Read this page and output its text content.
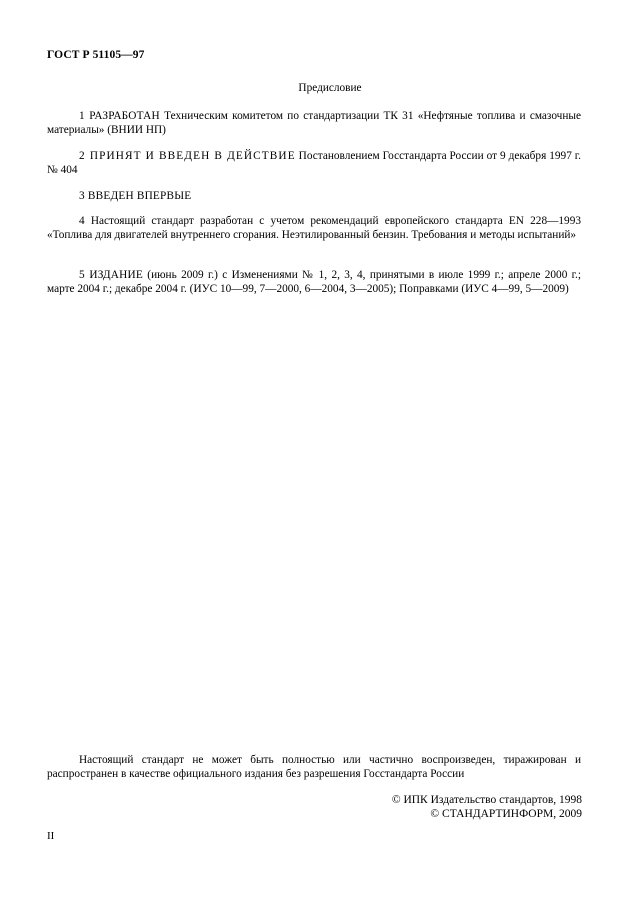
ГОСТ Р 51105—97
Предисловие

1 РАЗРАБОТАН Техническим комитетом по стандартизации ТК 31 «Нефтяные топлива и смазочные материалы» (ВНИИ НП)

2 ПРИНЯТ И ВВЕДЕН В ДЕЙСТВИЕ Постановлением Госстандарта России от 9 декабря 1997 г. № 404

3 ВВЕДЕН ВПЕРВЫЕ

4 Настоящий стандарт разработан с учетом рекомендаций европейского стандарта EN 228—1993 «Топлива для двигателей внутреннего сгорания. Неэтилированный бензин. Требования и методы испытаний»

5 ИЗДАНИЕ (июнь 2009 г.) с Изменениями № 1, 2, 3, 4, принятыми в июле 1999 г.; апреле 2000 г.; марте 2004 г.; декабре 2004 г. (ИУС 10—99, 7—2000, 6—2004, 3—2005); Поправками (ИУС 4—99, 5—2009)

Настоящий стандарт не может быть полностью или частично воспроизведен, тиражирован и распространен в качестве официального издания без разрешения Госстандарта России

© ИПК Издательство стандартов, 1998
© СТАНДАРТИНФОРМ, 2009
II
